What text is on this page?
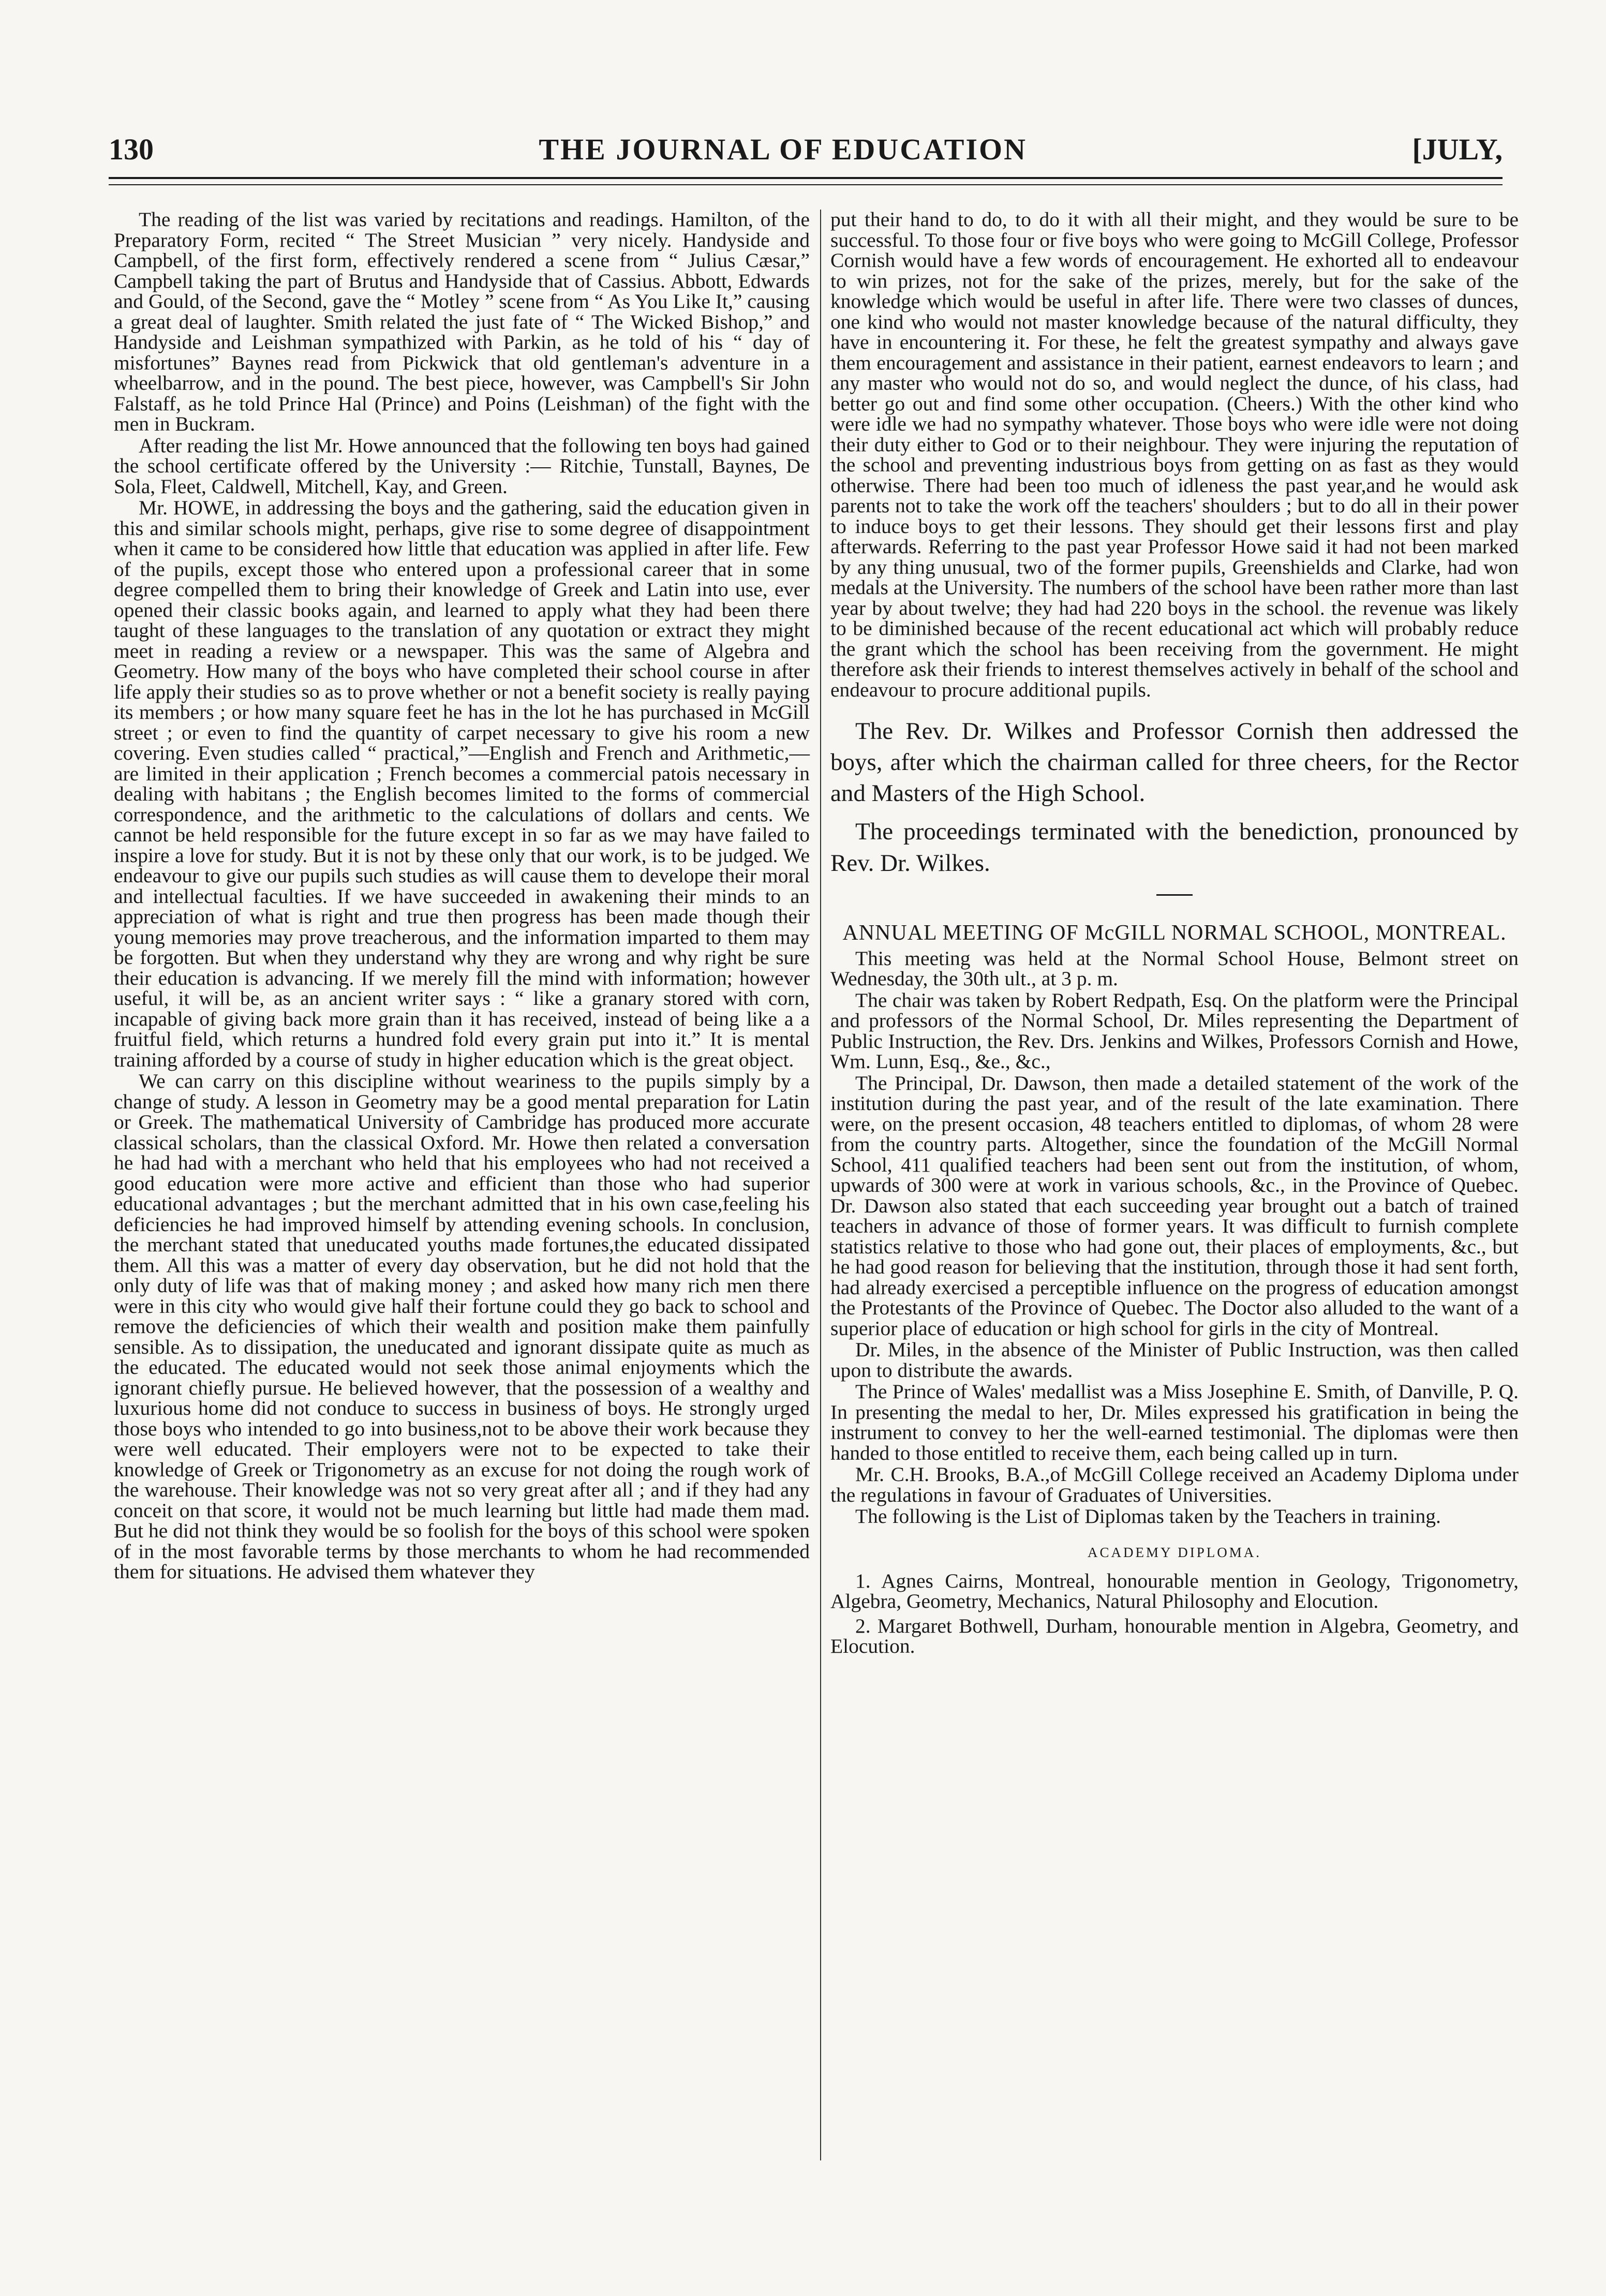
130	THE JOURNAL OF EDUCATION	[JULY,

The reading of the list was varied by recitations and readings. Hamilton, of the Preparatory Form, recited “ The Street Musician ” very nicely. Handyside and Campbell, of the first form, effectively rendered a scene from “ Julius Cæsar,” Campbell taking the part of Brutus and Handyside that of Cassius. Abbott, Edwards and Gould, of the Second, gave the “ Motley ” scene from “ As You Like It,” causing a great deal of laughter. Smith related the just fate of “ The Wicked Bishop,” and Handyside and Leishman sympathized with Parkin, as he told of his “ day of misfortunes” Baynes read from Pickwick that old gentleman's adventure in a wheelbarrow, and in the pound. The best piece, however, was Campbell's Sir John Falstaff, as he told Prince Hal (Prince) and Poins (Leishman) of the fight with the men in Buckram.

After reading the list Mr. Howe announced that the following ten boys had gained the school certificate offered by the University :— Ritchie, Tunstall, Baynes, De Sola, Fleet, Caldwell, Mitchell, Kay, and Green.

Mr. HOWE, in addressing the boys and the gathering, said the education given in this and similar schools might, perhaps, give rise to some degree of disappointment when it came to be considered how little that education was applied in after life. Few of the pupils, except those who entered upon a professional career that in some degree compelled them to bring their knowledge of Greek and Latin into use, ever opened their classic books again, and learned to apply what they had been there taught of these languages to the translation of any quotation or extract they might meet in reading a review or a newspaper. This was the same of Algebra and Geometry. How many of the boys who have completed their school course in after life apply their studies so as to prove whether or not a benefit society is really paying its members ; or how many square feet he has in the lot he has purchased in McGill street ; or even to find the quantity of carpet necessary to give his room a new covering. Even studies called “ practical,”—English and French and Arithmetic,—are limited in their application ; French becomes a commercial patois necessary in dealing with habitans ; the English becomes limited to the forms of commercial correspondence, and the arithmetic to the calculations of dollars and cents. We cannot be held responsible for the future except in so far as we may have failed to inspire a love for study. But it is not by these only that our work, is to be judged. We endeavour to give our pupils such studies as will cause them to develope their moral and intellectual faculties. If we have succeeded in awakening their minds to an appreciation of what is right and true then progress has been made though their young memories may prove treacherous, and the information imparted to them may be forgotten. But when they understand why they are wrong and why right be sure their education is advancing. If we merely fill the mind with information; however useful, it will be, as an ancient writer says : “ like a granary stored with corn, incapable of giving back more grain than it has received, instead of being like a a fruitful field, which returns a hundred fold every grain put into it.” It is mental training afforded by a course of study in higher education which is the great object.

We can carry on this discipline without weariness to the pupils simply by a change of study. A lesson in Geometry may be a good mental preparation for Latin or Greek. The mathematical University of Cambridge has produced more accurate classical scholars, than the classical Oxford. Mr. Howe then related a conversation he had had with a merchant who held that his employees who had not received a good education were more active and efficient than those who had superior educational advantages ; but the merchant admitted that in his own case,feeling his deficiencies he had improved himself by attending evening schools. In conclusion, the merchant stated that uneducated youths made fortunes,the educated dissipated them. All this was a matter of every day observation, but he did not hold that the only duty of life was that of making money ; and asked how many rich men there were in this city who would give half their fortune could they go back to school and remove the deficiencies of which their wealth and position make them painfully sensible. As to dissipation, the uneducated and ignorant dissipate quite as much as the educated. The educated would not seek those animal enjoyments which the ignorant chiefly pursue. He believed however, that the possession of a wealthy and luxurious home did not conduce to success in business of boys. He strongly urged those boys who intended to go into business,not to be above their work because they were well educated. Their employers were not to be expected to take their knowledge of Greek or Trigonometry as an excuse for not doing the rough work of the warehouse. Their knowledge was not so very great after all ; and if they had any conceit on that score, it would not be much learning but little had made them mad. But he did not think they would be so foolish for the boys of this school were spoken of in the most favorable terms by those merchants to whom he had recommended them for situations. He advised them whatever they

put their hand to do, to do it with all their might, and they would be sure to be successful. To those four or five boys who were going to McGill College, Professor Cornish would have a few words of encouragement. He exhorted all to endeavour to win prizes, not for the sake of the prizes, merely, but for the sake of the knowledge which would be useful in after life. There were two classes of dunces, one kind who would not master knowledge because of the natural difficulty, they have in encountering it. For these, he felt the greatest sympathy and always gave them encouragement and assistance in their patient, earnest endeavors to learn ; and any master who would not do so, and would neglect the dunce, of his class, had better go out and find some other occupation. (Cheers.) With the other kind who were idle we had no sympathy whatever. Those boys who were idle were not doing their duty either to God or to their neighbour. They were injuring the reputation of the school and preventing industrious boys from getting on as fast as they would otherwise. There had been too much of idleness the past year,and he would ask parents not to take the work off the teachers' shoulders ; but to do all in their power to induce boys to get their lessons. They should get their lessons first and play afterwards. Referring to the past year Professor Howe said it had not been marked by any thing unusual, two of the former pupils, Greenshields and Clarke, had won medals at the University. The numbers of the school have been rather more than last year by about twelve; they had had 220 boys in the school. the revenue was likely to be diminished because of the recent educational act which will probably reduce the grant which the school has been receiving from the government. He might therefore ask their friends to interest themselves actively in behalf of the school and endeavour to procure additional pupils.

The Rev. Dr. Wilkes and Professor Cornish then addressed the boys, after which the chairman called for three cheers, for the Rector and Masters of the High School.

The proceedings terminated with the benediction, pronounced by Rev. Dr. Wilkes.

ANNUAL MEETING OF McGILL NORMAL SCHOOL, MONTREAL.

This meeting was held at the Normal School House, Belmont street on Wednesday, the 30th ult., at 3 p. m.

The chair was taken by Robert Redpath, Esq. On the platform were the Principal and professors of the Normal School, Dr. Miles representing the Department of Public Instruction, the Rev. Drs. Jenkins and Wilkes, Professors Cornish and Howe, Wm. Lunn, Esq., &e., &c.,

The Principal, Dr. Dawson, then made a detailed statement of the work of the institution during the past year, and of the result of the late examination. There were, on the present occasion, 48 teachers entitled to diplomas, of whom 28 were from the country parts. Altogether, since the foundation of the McGill Normal School, 411 qualified teachers had been sent out from the institution, of whom, upwards of 300 were at work in various schools, &c., in the Province of Quebec. Dr. Dawson also stated that each succeeding year brought out a batch of trained teachers in advance of those of former years. It was difficult to furnish complete statistics relative to those who had gone out, their places of employments, &c., but he had good reason for believing that the institution, through those it had sent forth, had already exercised a perceptible influence on the progress of education amongst the Protestants of the Province of Quebec. The Doctor also alluded to the want of a superior place of education or high school for girls in the city of Montreal.

Dr. Miles, in the absence of the Minister of Public Instruction, was then called upon to distribute the awards.

The Prince of Wales' medallist was a Miss Josephine E. Smith, of Danville, P. Q. In presenting the medal to her, Dr. Miles expressed his gratification in being the instrument to convey to her the well-earned testimonial. The diplomas were then handed to those entitled to receive them, each being called up in turn.

Mr. C.H. Brooks, B.A.,of McGill College received an Academy Diploma under the regulations in favour of Graduates of Universities.

The following is the List of Diplomas taken by the Teachers in training.

ACADEMY DIPLOMA.

1. Agnes Cairns, Montreal, honourable mention in Geology, Trigonometry, Algebra, Geometry, Mechanics, Natural Philosophy and Elocution.

2. Margaret Bothwell, Durham, honourable mention in Algebra, Geometry, and Elocution.
